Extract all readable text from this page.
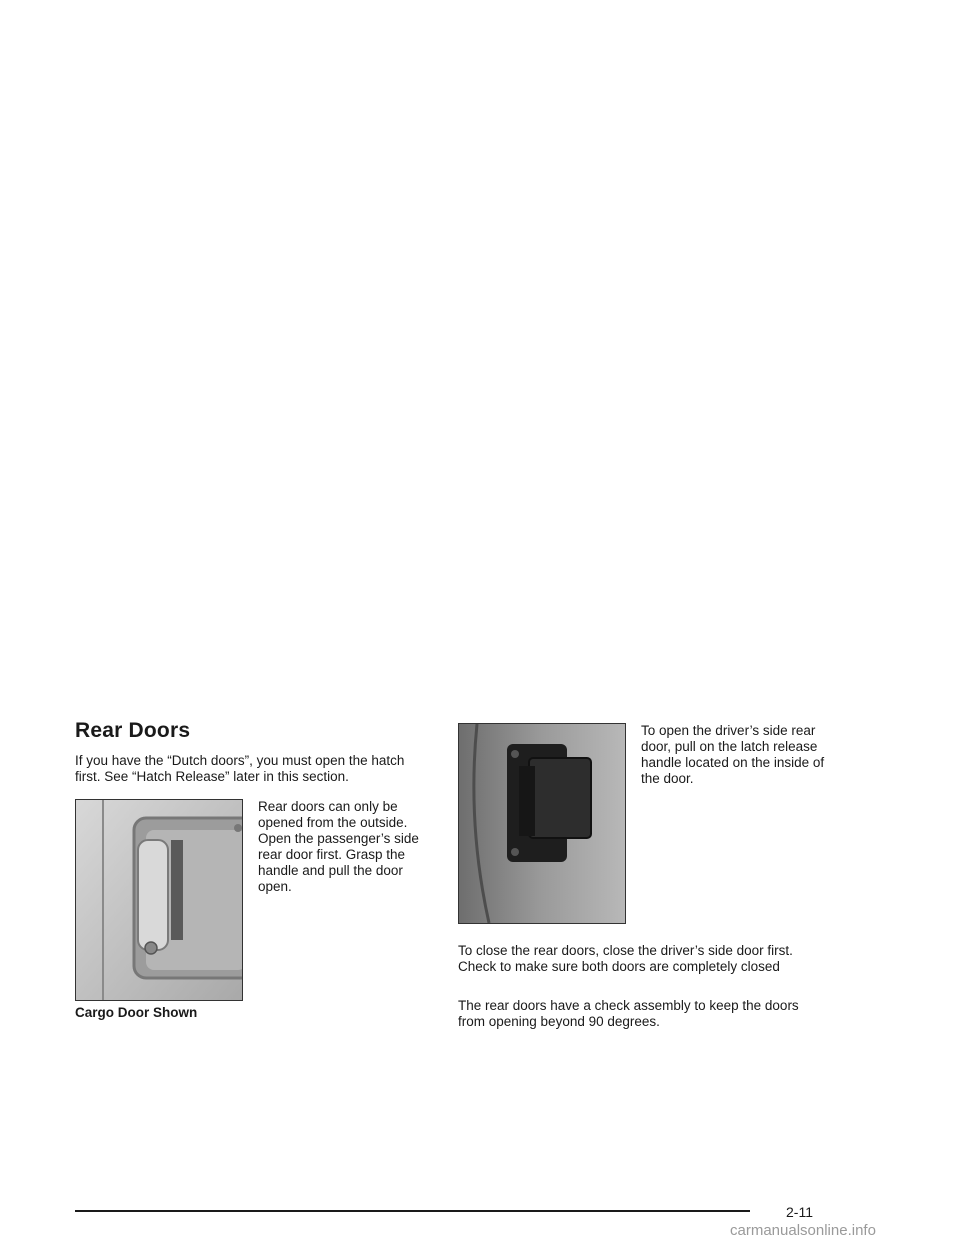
Rear Doors
If you have the “Dutch doors”, you must open the hatch first. See “Hatch Release” later in this section.
Rear doors can only be opened from the outside. Open the passenger’s side rear door first. Grasp the handle and pull the door open.
Cargo Door Shown
To open the driver’s side rear door, pull on the latch release handle located on the inside of the door.
To close the rear doors, close the driver’s side door first. Check to make sure both doors are completely closed
The rear doors have a check assembly to keep the doors from opening beyond 90 degrees.
2-11
carmanualsonline.info
